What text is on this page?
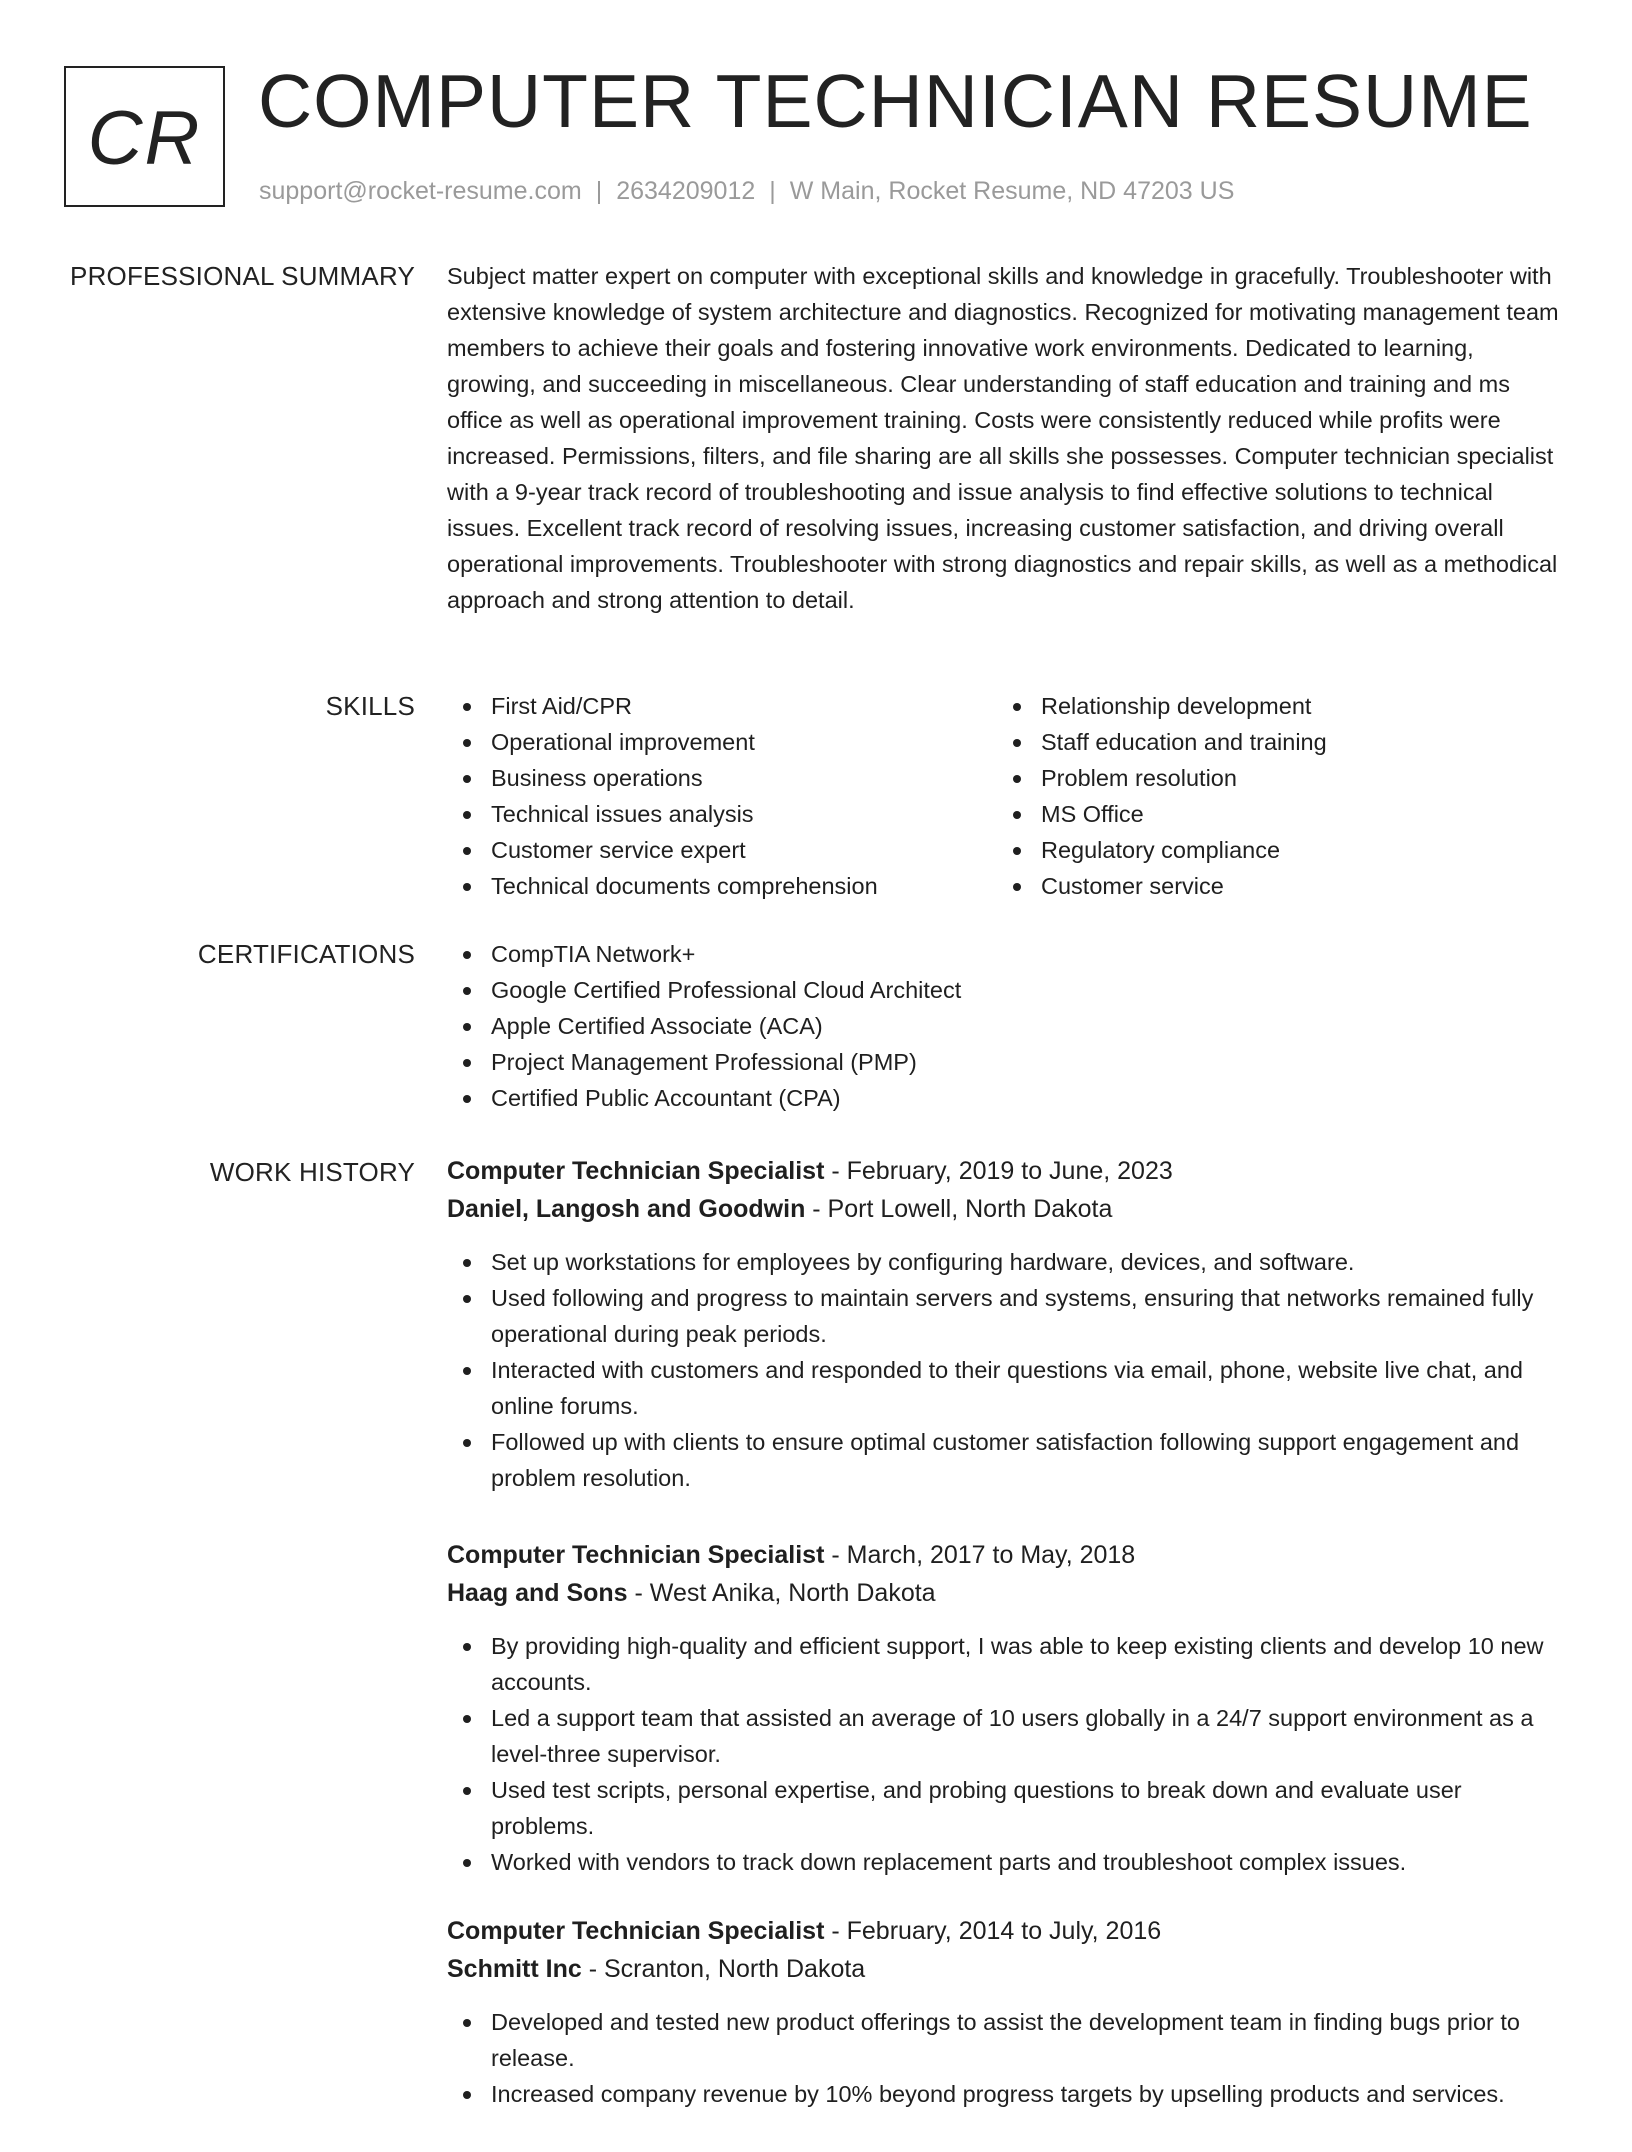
CR COMPUTER TECHNICIAN RESUME
support@rocket-resume.com | 2634209012 | W Main, Rocket Resume, ND 47203 US
PROFESSIONAL SUMMARY Subject matter expert on computer with exceptional skills and knowledge in gracefully. Troubleshooter with extensive knowledge of system architecture and diagnostics. Recognized for motivating management team members to achieve their goals and fostering innovative work environments. Dedicated to learning, growing, and succeeding in miscellaneous. Clear understanding of staff education and training and ms office as well as operational improvement training. Costs were consistently reduced while profits were increased. Permissions, filters, and file sharing are all skills she possesses. Computer technician specialist with a 9-year track record of troubleshooting and issue analysis to find effective solutions to technical issues. Excellent track record of resolving issues, increasing customer satisfaction, and driving overall operational improvements. Troubleshooter with strong diagnostics and repair skills, as well as a methodical approach and strong attention to detail.

SKILLS	First Aid/CPR
Operational improvement
Business operations
Technical issues analysis
Customer service expert
Technical documents comprehension
Relationship development
Staff education and training
Problem resolution
MS Office
Regulatory compliance
Customer service
CERTIFICATIONS	CompTIA Network+
Google Certified Professional Cloud Architect
Apple Certified Associate (ACA)
Project Management Professional (PMP)
Certified Public Accountant (CPA)
WORK HISTORY Computer Technician Specialist - February, 2019 to June, 2023
Daniel, Langosh and Goodwin - Port Lowell, North Dakota
Set up workstations for employees by configuring hardware, devices, and software.
Used following and progress to maintain servers and systems, ensuring that networks remained fully operational during peak periods.
Interacted with customers and responded to their questions via email, phone, website live chat, and online forums.
Followed up with clients to ensure optimal customer satisfaction following support engagement and problem resolution.
Computer Technician Specialist - March, 2017 to May, 2018
Haag and Sons - West Anika, North Dakota
By providing high-quality and efficient support, I was able to keep existing clients and develop 10 new accounts.
Led a support team that assisted an average of 10 users globally in a 24/7 support environment as a level-three supervisor.
Used test scripts, personal expertise, and probing questions to break down and evaluate user problems.
Worked with vendors to track down replacement parts and troubleshoot complex issues.
Computer Technician Specialist - February, 2014 to July, 2016
Schmitt Inc - Scranton, North Dakota
Developed and tested new product offerings to assist the development team in finding bugs prior to release.
Increased company revenue by 10% beyond progress targets by upselling products and services.
